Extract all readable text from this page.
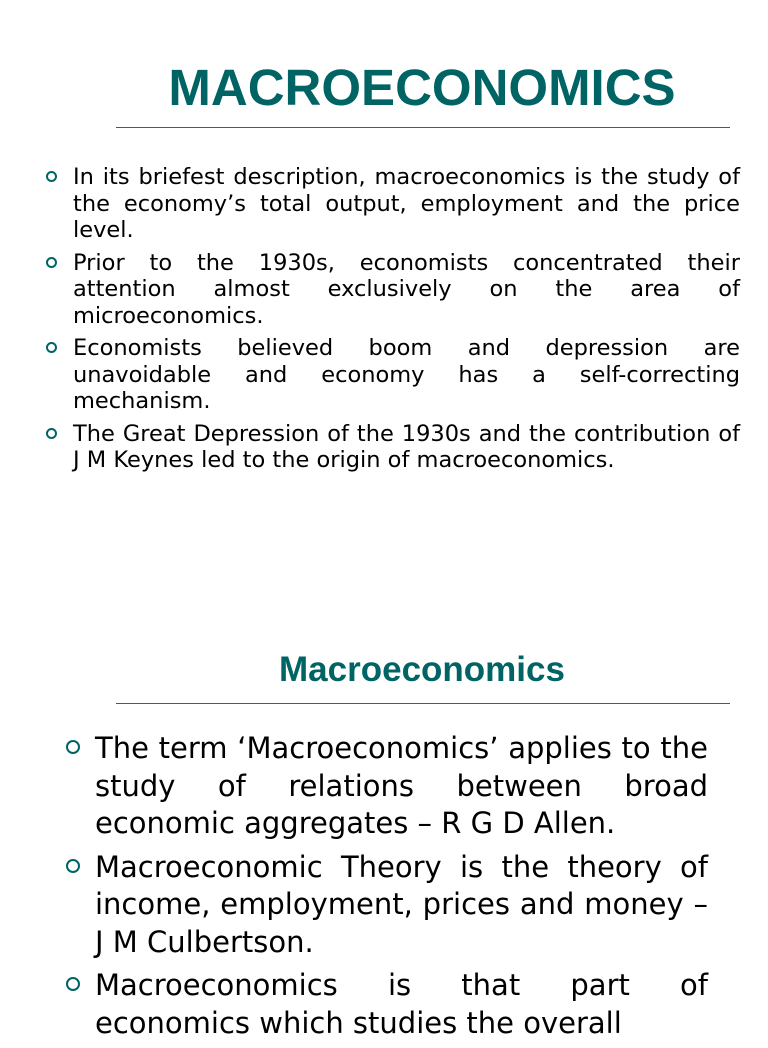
MACROECONOMICS
In its briefest description, macroeconomics is the study of the economy’s total output, employment and the price level.
Prior to the 1930s, economists concentrated their attention almost exclusively on the area of microeconomics.
Economists believed boom and depression are unavoidable and economy has a self-correcting mechanism.
The Great Depression of the 1930s and the contribution of J M Keynes led to the origin of macroeconomics.
Macroeconomics
The term ‘Macroeconomics’ applies to the study of relations between broad economic aggregates – R G D Allen.
Macroeconomic Theory is the theory of income, employment, prices and money – J M Culbertson.
Macroeconomics is that part of economics which studies the overall
